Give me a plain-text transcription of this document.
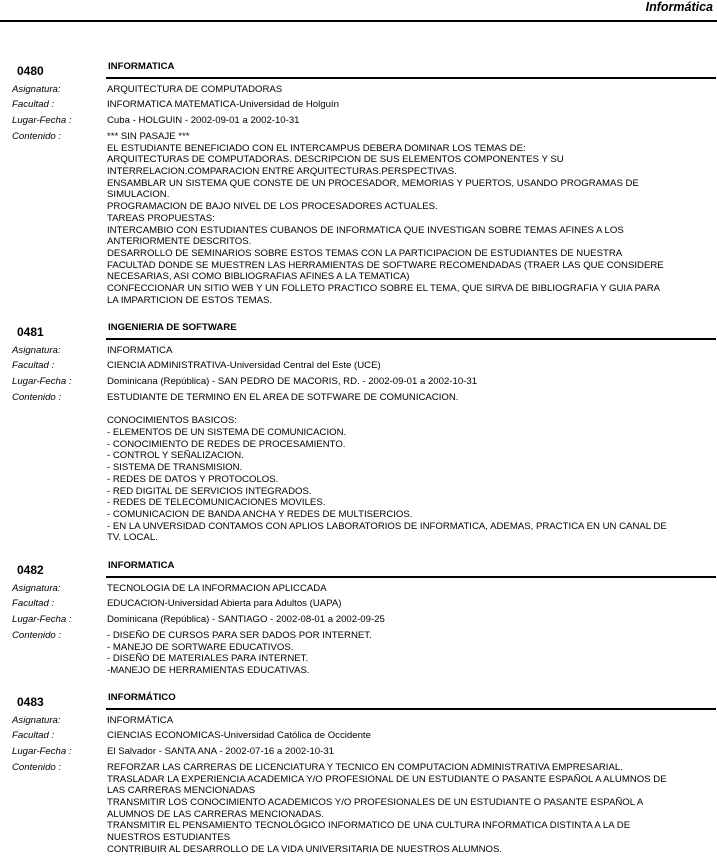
Informática
0480	INFORMATICA
Asignatura:	ARQUITECTURA DE COMPUTADORAS
Facultad :	INFORMATICA MATEMATICA-Universidad de Holguín
Lugar-Fecha :	Cuba - HOLGUIN - 2002-09-01 a 2002-10-31
Contenido :	*** SIN PASAJE ***
EL ESTUDIANTE BENEFICIADO CON EL INTERCAMPUS DEBERA DOMINAR LOS TEMAS DE:
ARQUITECTURAS DE COMPUTADORAS. DESCRIPCION DE SUS ELEMENTOS COMPONENTES Y SU
INTERRELACION.COMPARACION ENTRE ARQUITECTURAS.PERSPECTIVAS.
ENSAMBLAR UN SISTEMA QUE CONSTE DE UN PROCESADOR, MEMORIAS Y PUERTOS, USANDO PROGRAMAS DE
SIMULACION.
PROGRAMACION DE BAJO NIVEL DE LOS PROCESADORES ACTUALES.
TAREAS PROPUESTAS:
INTERCAMBIO CON ESTUDIANTES CUBANOS DE INFORMATICA QUE INVESTIGAN SOBRE TEMAS AFINES A LOS
ANTERIORMENTE DESCRITOS.
DESARROLLO DE SEMINARIOS SOBRE ESTOS TEMAS CON LA PARTICIPACION DE ESTUDIANTES DE NUESTRA
FACULTAD DONDE SE MUESTREN LAS HERRAMIENTAS DE SOFTWARE RECOMENDADAS (TRAER LAS QUE CONSIDERE
NECESARIAS, ASI COMO BIBLIOGRAFIAS AFINES A LA TEMATICA)
CONFECCIONAR UN SITIO WEB Y UN FOLLETO PRACTICO SOBRE EL TEMA, QUE SIRVA DE BIBLIOGRAFIA Y GUIA PARA
LA IMPARTICION DE ESTOS TEMAS.
0481	INGENIERIA DE SOFTWARE
Asignatura:	INFORMATICA
Facultad :	CIENCIA ADMINISTRATIVA-Universidad Central del Este (UCE)
Lugar-Fecha :	Dominicana (República) - SAN PEDRO DE MACORIS, RD. - 2002-09-01 a 2002-10-31
Contenido :	ESTUDIANTE DE TERMINO EN EL AREA DE SOTFWARE DE COMUNICACION.
CONOCIMIENTOS BASICOS:
- ELEMENTOS DE UN SISTEMA DE COMUNICACION.
- CONOCIMIENTO DE REDES DE PROCESAMIENTO.
- CONTROL Y SEÑALIZACION.
- SISTEMA DE TRANSMISION.
- REDES DE DATOS Y PROTOCOLOS.
- RED DIGITAL DE SERVICIOS INTEGRADOS.
- REDES DE TELECOMUNICACIONES MOVILES.
- COMUNICACION DE BANDA ANCHA Y REDES DE MULTISERCIOS.
- EN LA UNVERSIDAD CONTAMOS CON APLIOS LABORATORIOS DE INFORMATICA, ADEMAS, PRACTICA EN UN CANAL DE
TV. LOCAL.
0482	INFORMATICA
Asignatura:	TECNOLOGIA DE LA INFORMACION APLICCADA
Facultad :	EDUCACION-Universidad Abierta para Adultos (UAPA)
Lugar-Fecha :	Dominicana (República) - SANTIAGO - 2002-08-01 a 2002-09-25
Contenido :	- DISEÑO DE CURSOS PARA SER DADOS POR INTERNET.
- MANEJO DE SORTWARE EDUCATIVOS.
- DISEÑO DE MATERIALES PARA INTERNET.
-MANEJO DE HERRAMIENTAS EDUCATIVAS.
0483	INFORMÁTICO
Asignatura:	INFORMÁTICA
Facultad :	CIENCIAS ECONOMICAS-Universidad Católica de Occidente
Lugar-Fecha :	El Salvador - SANTA ANA - 2002-07-16 a 2002-10-31
Contenido :	REFORZAR LAS CARRERAS DE LICENCIATURA Y TECNICO EN COMPUTACION ADMINISTRATIVA EMPRESARIAL.
TRASLADAR LA EXPERIENCIA ACADEMICA Y/O PROFESIONAL DE UN ESTUDIANTE O PASANTE ESPAÑOL A ALUMNOS DE
LAS CARRERAS MENCIONADAS
TRANSMITIR LOS CONOCIMIENTO ACADEMICOS Y/O PROFESIONALES DE UN ESTUDIANTE O PASANTE ESPAÑOL A
ALUMNOS DE LAS CARRERAS MENCIONADAS.
TRANSMITIR EL PENSAMIENTO TECNOLÓGICO INFORMATICO DE UNA CULTURA INFORMATICA DISTINTA A LA DE
NUESTROS ESTUDIANTES
CONTRIBUIR AL DESARROLLO DE LA VIDA UNIVERSITARIA DE NUESTROS ALUMNOS.
